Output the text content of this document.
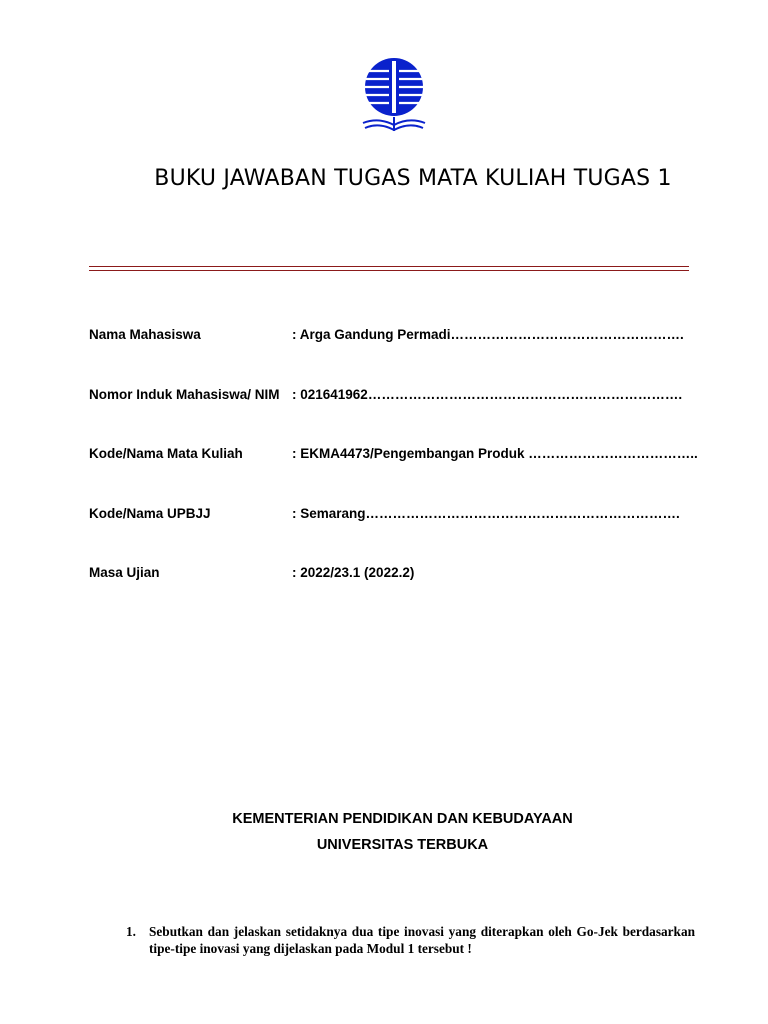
BUKU JAWABAN TUGAS MATA KULIAH TUGAS 1
Nama Mahasiswa	: Arga Gandung Permadi…………………………………………….
Nomor Induk Mahasiswa/ NIM : 021641962…………………………………………………………….
Kode/Nama Mata Kuliah	: EKMA4473/Pengembangan Produk ………………………………..
Kode/Nama UPBJJ	: Semarang…………………………………………………………….
Masa Ujian	: 2022/23.1 (2022.2)
KEMENTERIAN PENDIDIKAN DAN KEBUDAYAAN
UNIVERSITAS TERBUKA
1. Sebutkan dan jelaskan setidaknya dua tipe inovasi yang diterapkan oleh Go-Jek berdasarkan tipe-tipe inovasi yang dijelaskan pada Modul 1 tersebut !
